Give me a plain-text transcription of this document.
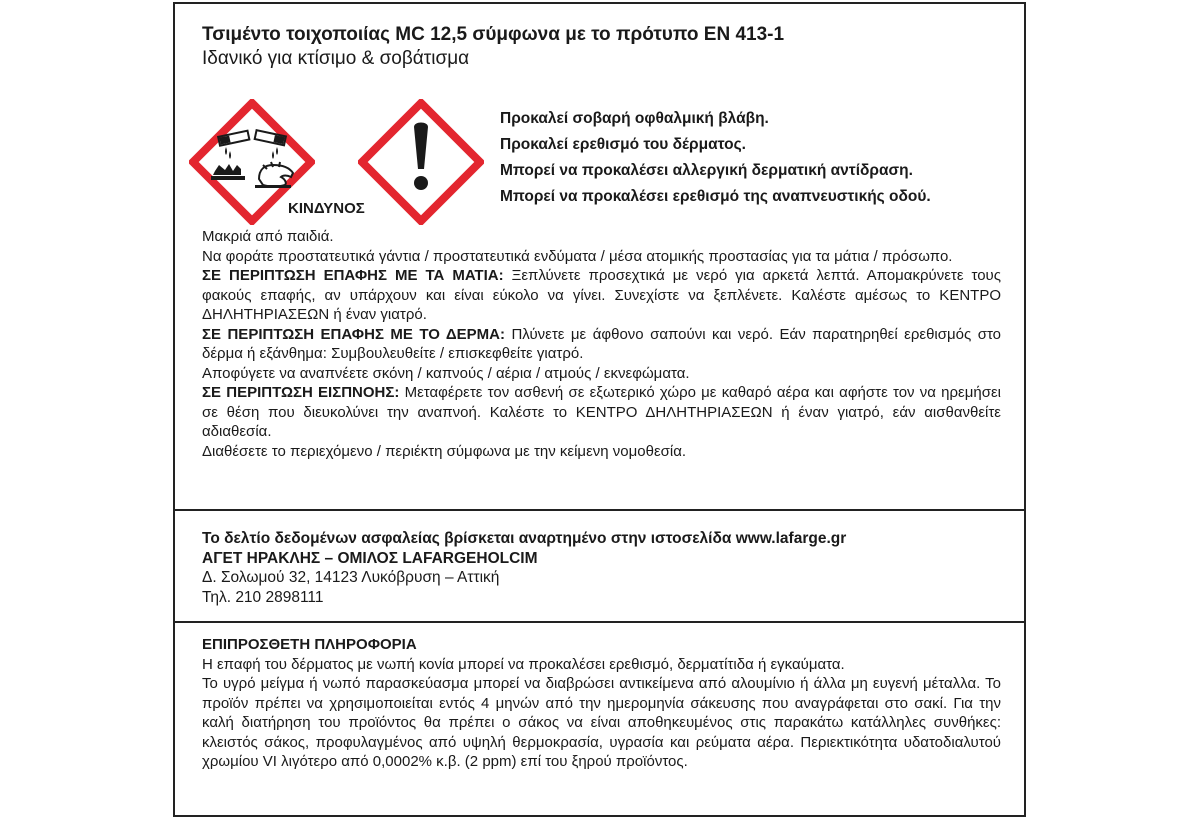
Τσιμέντο τοιχοποιίας MC 12,5 σύμφωνα με το πρότυπο EN 413-1
Ιδανικό για κτίσιμο & σοβάτισμα
ΚΙΝΔΥΝΟΣ
Προκαλεί σοβαρή οφθαλμική βλάβη.
Προκαλεί ερεθισμό του δέρματος.
Μπορεί να προκαλέσει αλλεργική δερματική αντίδραση.
Μπορεί να προκαλέσει ερεθισμό της αναπνευστικής οδού.

Μακριά από παιδιά.

Να φοράτε προστατευτικά γάντια / προστατευτικά ενδύματα / μέσα ατομικής προστασίας για τα μάτια / πρόσωπο.

ΣΕ ΠΕΡΙΠΤΩΣΗ ΕΠΑΦΗΣ ΜΕ ΤΑ ΜΑΤΙΑ: Ξεπλύνετε προσεχτικά με νερό για αρκετά λεπτά. Απομακρύνετε τους φακούς επαφής, αν υπάρχουν και είναι εύκολο να γίνει. Συνεχίστε να ξεπλένετε. Καλέστε αμέσως το ΚΕΝΤΡΟ ΔΗΛΗΤΗΡΙΑΣΕΩΝ ή έναν γιατρό.

ΣΕ ΠΕΡΙΠΤΩΣΗ ΕΠΑΦΗΣ ΜΕ ΤΟ ΔΕΡΜΑ: Πλύνετε με άφθονο σαπούνι και νερό. Εάν παρατηρηθεί ερεθισμός στο δέρμα ή εξάνθημα: Συμβουλευθείτε / επισκεφθείτε γιατρό.

Αποφύγετε να αναπνέετε σκόνη / καπνούς / αέρια / ατμούς / εκνεφώματα.

ΣΕ ΠΕΡΙΠΤΩΣΗ ΕΙΣΠΝΟΗΣ: Μεταφέρετε τον ασθενή σε εξωτερικό χώρο με καθαρό αέρα και αφήστε τον να ηρεμήσει σε θέση που διευκολύνει την αναπνοή. Καλέστε το ΚΕΝΤΡΟ ΔΗΛΗΤΗΡΙΑΣΕΩΝ ή έναν γιατρό, εάν αισθανθείτε αδιαθεσία.

Διαθέσετε το περιεχόμενο / περιέκτη σύμφωνα με την κείμενη νομοθεσία.

Το δελτίο δεδομένων ασφαλείας βρίσκεται αναρτημένο στην ιστοσελίδα www.lafarge.gr
ΑΓΕΤ ΗΡΑΚΛΗΣ – ΟΜΙΛΟΣ LAFARGEHOLCIM
Δ. Σολωμού 32, 14123 Λυκόβρυση – Αττική
Τηλ. 210 2898111

ΕΠΙΠΡΟΣΘΕΤΗ ΠΛΗΡΟΦΟΡΙΑ

Η επαφή του δέρματος με νωπή κονία μπορεί να προκαλέσει ερεθισμό, δερματίτιδα ή εγκαύματα.

Το υγρό μείγμα ή νωπό παρασκεύασμα μπορεί να διαβρώσει αντικείμενα από αλουμίνιο ή άλλα μη ευγενή μέταλλα. Το προϊόν πρέπει να χρησιμοποιείται εντός 4 μηνών από την ημερομηνία σάκευσης που αναγράφεται στο σακί. Για την καλή διατήρηση του προϊόντος θα πρέπει ο σάκος να είναι αποθηκευμένος στις παρακάτω κατάλληλες συνθήκες: κλειστός σάκος, προφυλαγμένος από υψηλή θερμοκρασία, υγρασία και ρεύματα αέρα. Περιεκτικότητα υδατοδιαλυτού χρωμίου VI λιγότερο από 0,0002% κ.β. (2 ppm) επί του ξηρού προϊόντος.
